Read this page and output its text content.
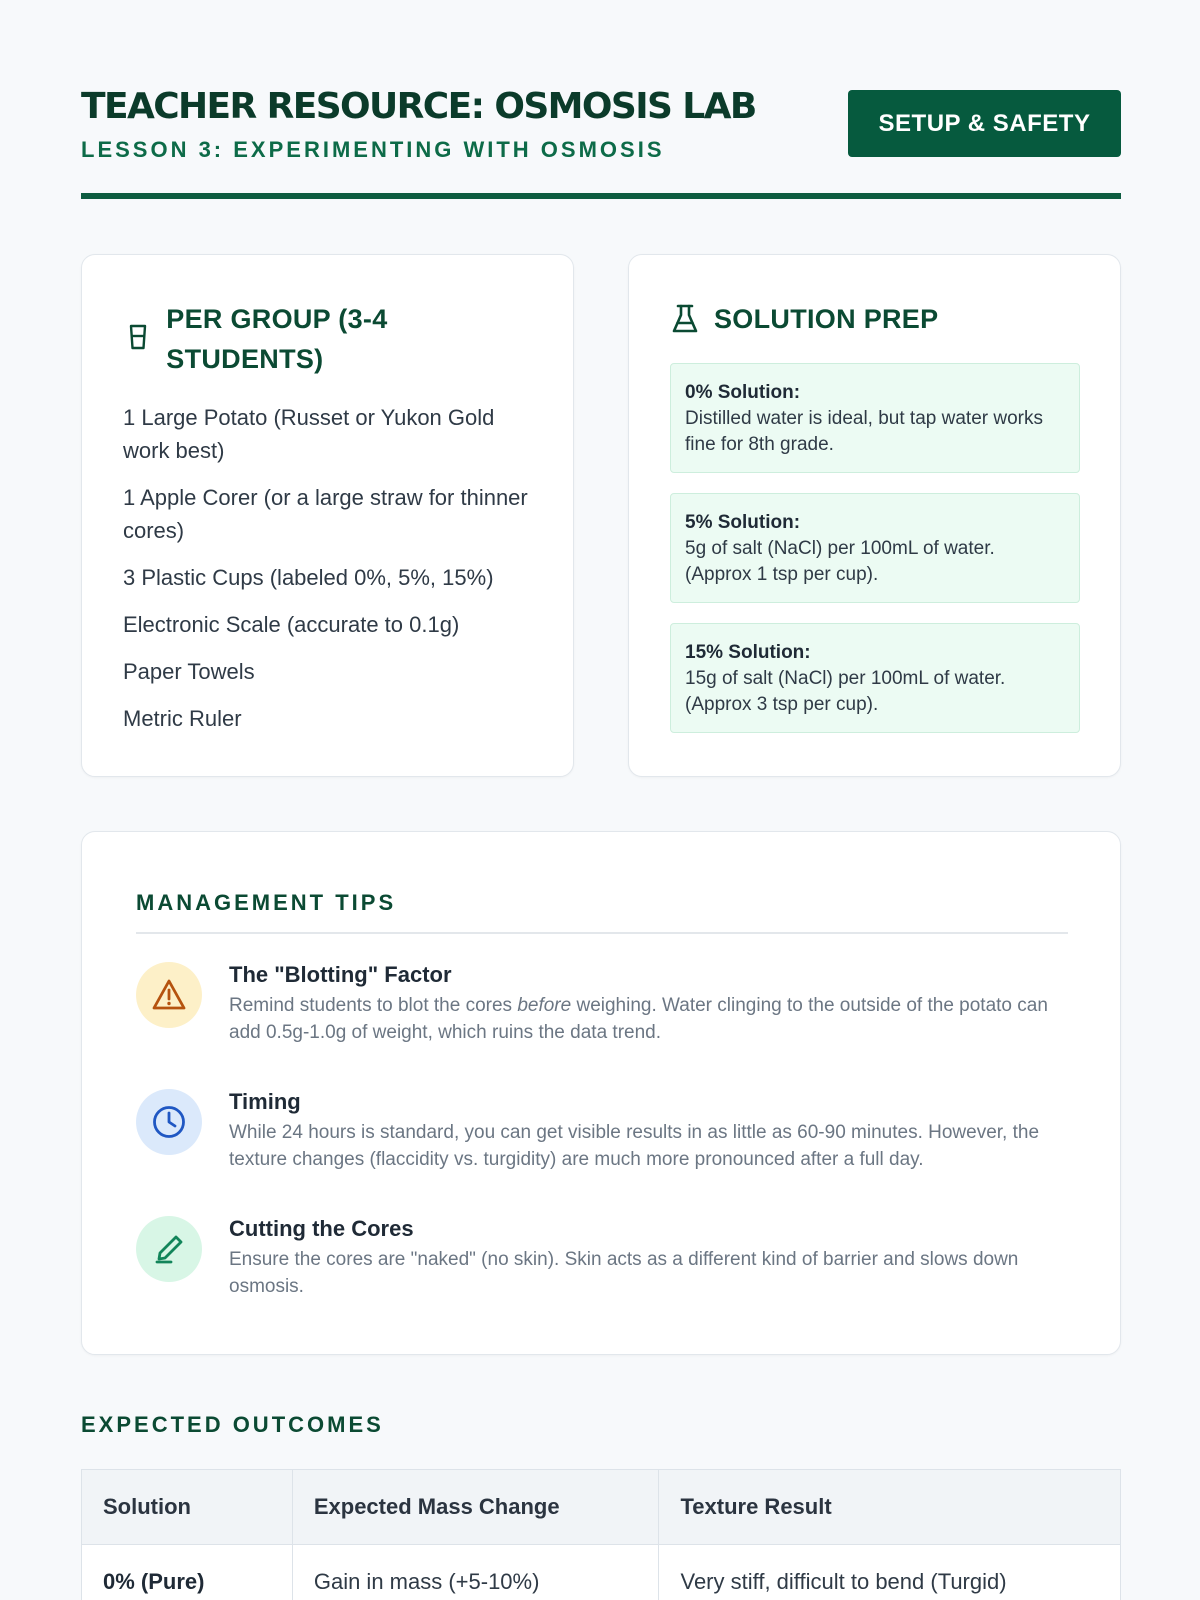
TEACHER RESOURCE: OSMOSIS LAB
LESSON 3: EXPERIMENTING WITH OSMOSIS
SETUP & SAFETY
PER GROUP (3-4 STUDENTS)
1 Large Potato (Russet or Yukon Gold work best)
1 Apple Corer (or a large straw for thinner cores)
3 Plastic Cups (labeled 0%, 5%, 15%)
Electronic Scale (accurate to 0.1g)
Paper Towels
Metric Ruler
SOLUTION PREP
0% Solution:
Distilled water is ideal, but tap water works fine for 8th grade.
5% Solution:
5g of salt (NaCl) per 100mL of water. (Approx 1 tsp per cup).
15% Solution:
15g of salt (NaCl) per 100mL of water. (Approx 3 tsp per cup).
MANAGEMENT TIPS
The "Blotting" Factor
Remind students to blot the cores before weighing. Water clinging to the outside of the potato can add 0.5g-1.0g of weight, which ruins the data trend.
Timing
While 24 hours is standard, you can get visible results in as little as 60-90 minutes. However, the texture changes (flaccidity vs. turgidity) are much more pronounced after a full day.
Cutting the Cores
Ensure the cores are "naked" (no skin). Skin acts as a different kind of barrier and slows down osmosis.
EXPECTED OUTCOMES
Solution	Expected Mass Change	Texture Result
0% (Pure)	Gain in mass (+5-10%)	Very stiff, difficult to bend (Turgid)
